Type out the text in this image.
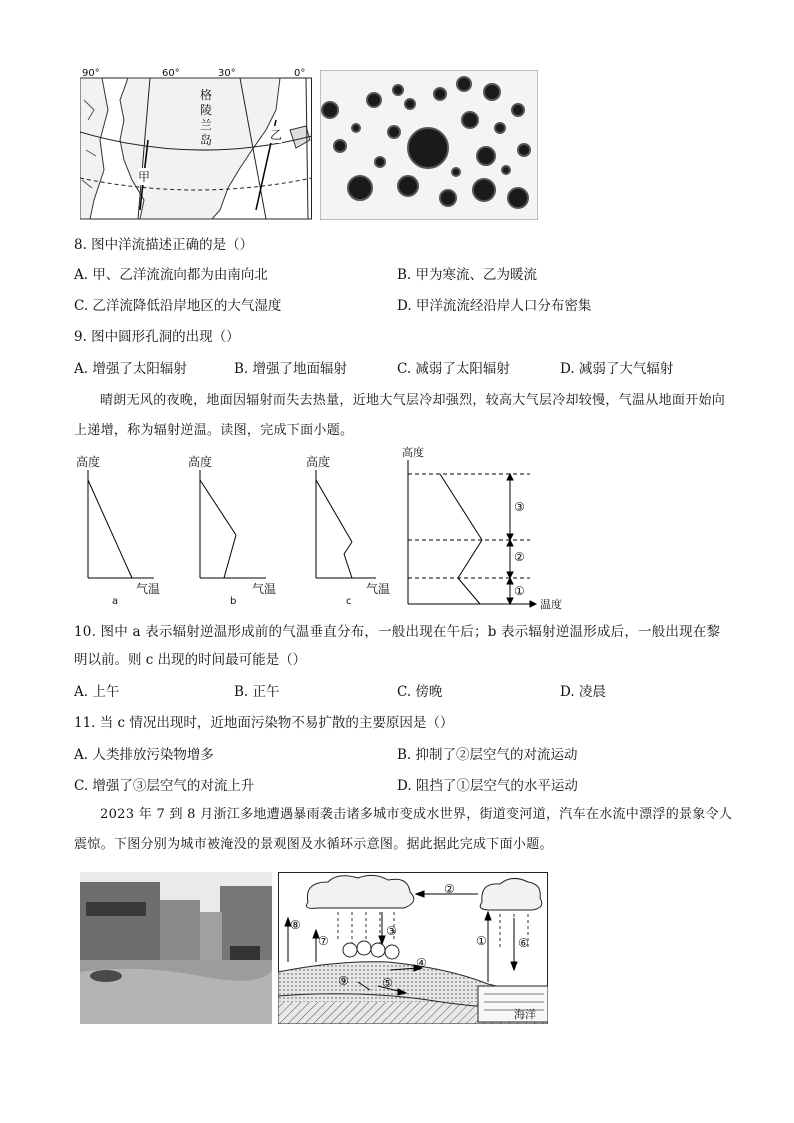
90°	60°	30°	0°
格
陵
兰
岛
甲
乙
8. 图中洋流描述正确的是（）
A. 甲、乙洋流流向都为由南向北	B. 甲为寒流、乙为暖流
C. 乙洋流降低沿岸地区的大气湿度	D. 甲洋流流经沿岸人口分布密集
9. 图中圆形孔洞的出现（）
A. 增强了太阳辐射	B. 增强了地面辐射	C. 减弱了太阳辐射	D. 减弱了大气辐射
晴朗无风的夜晚，地面因辐射而失去热量，近地大气层冷却强烈，较高大气层冷却较慢，气温从地面开始向上递增，称为辐射逆温。读图，完成下面小题。
高度	高度	高度
高度
气温	气温	气温
a	b	c	温度
③
②
①
10. 图中 a 表示辐射逆温形成前的气温垂直分布，一般出现在午后；b 表示辐射逆温形成后，一般出现在黎
明以前。则 c 出现的时间最可能是（）
A. 上午	B. 正午	C. 傍晚	D. 凌晨
11. 当 c 情况出现时，近地面污染物不易扩散的主要原因是（）
A. 人类排放污染物增多	B. 抑制了②层空气的对流运动
C. 增强了③层空气的对流上升	D. 阻挡了①层空气的水平运动
2023 年 7 到 8 月浙江多地遭遇暴雨袭击诸多城市变成水世界，街道变河道，汽车在水流中漂浮的景象令人震惊。下图分别为城市被淹没的景观图及水循环示意图。据此据此完成下面小题。
②
⑧
⑦
③
①	⑥
④
⑨	⑤
海洋
